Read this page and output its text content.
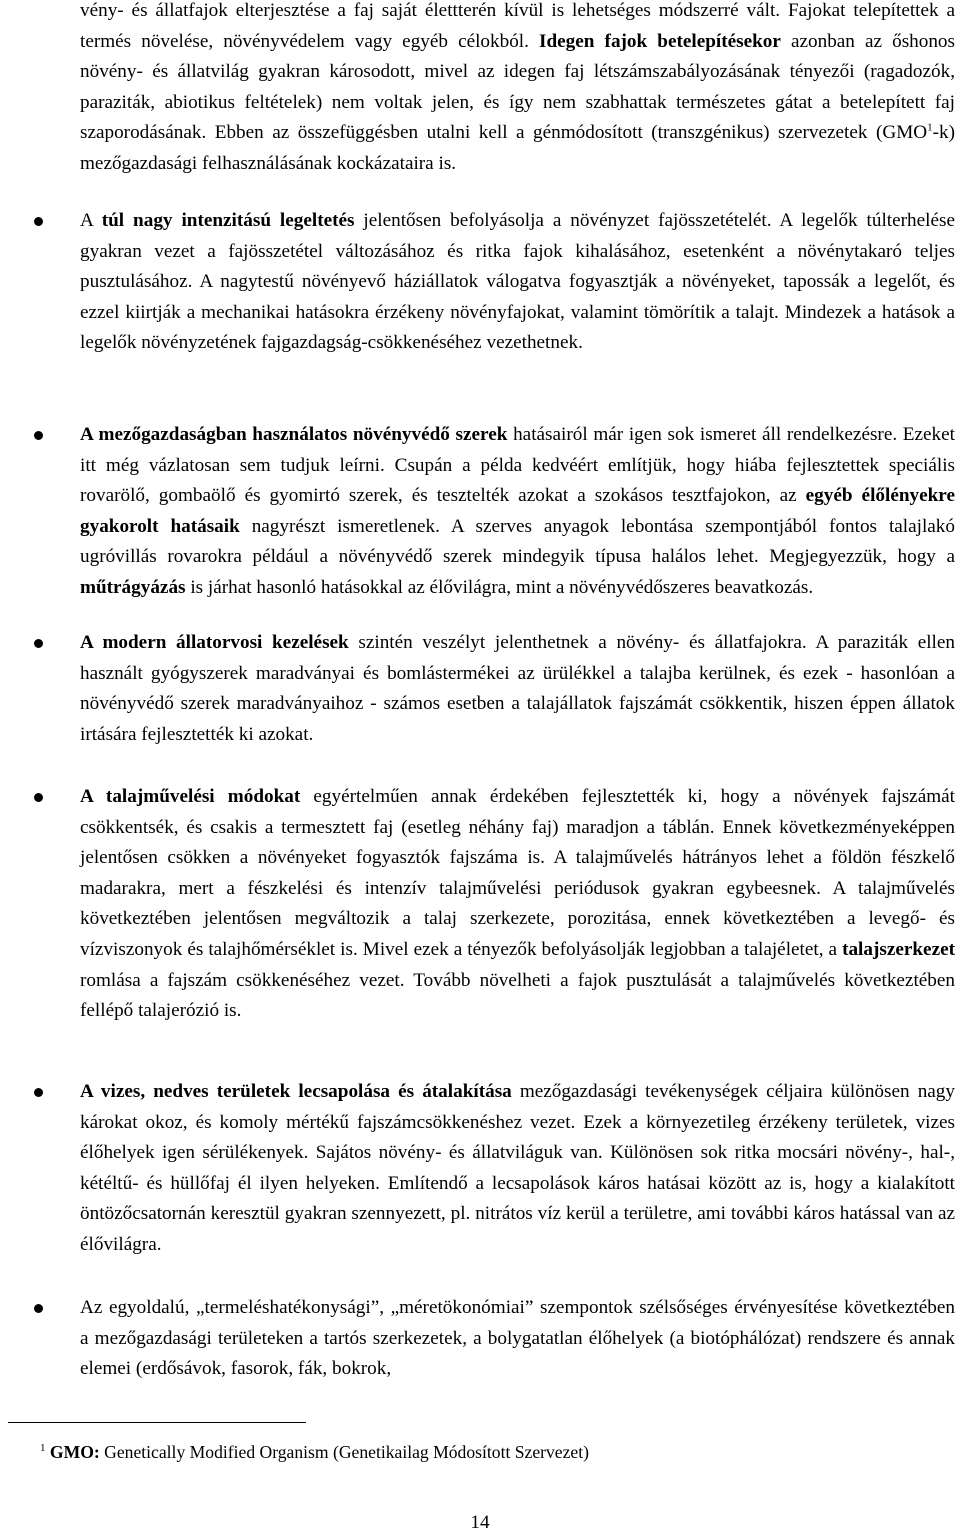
vény- és állatfajok elterjesztése a faj saját élettterén kívül is lehetséges módszerré vált. Fajokat telepítettek a termés növelése, növényvédelem vagy egyéb célokból. Idegen fajok betelepítésekor azonban az őshonos növény- és állatvilág gyakran károsodott, mivel az idegen faj létszámszabályozásának tényezői (ragadozók, paraziták, abiotikus feltételek) nem voltak jelen, és így nem szabhattak természetes gátat a betelepített faj szaporodásának. Ebben az összefüggésben utalni kell a génmódosított (transzgénikus) szervezetek (GMO$^1$-k) mezőgazdasági felhasználásának kockázataira is.
A túl nagy intenzitású legeltetés jelentősen befolyásolja a növényzet fajösszetételét. A legelők túlterhelése gyakran vezet a fajösszetétel változásához és ritka fajok kihalásához, esetenként a növénytakaró teljes pusztulásához. A nagytestű növényevő háziállatok válogatva fogyasztják a növényeket, tapossák a legelőt, és ezzel kiirtják a mechanikai hatásokra érzékeny növényfajokat, valamint tömörítik a talajt. Mindezek a hatások a legelők növényzetének fajgazdagság-csökkenéséhez vezethetnek.
A mezőgazdaságban használatos növényvédő szerek hatásairól már igen sok ismeret áll rendelkezésre. Ezeket itt még vázlatosan sem tudjuk leírni. Csupán a példa kedvéért említjük, hogy hiába fejlesztettek speciális rovarölő, gombaölő és gyomirtó szerek, és tesztelték azokat a szokásos tesztfajokon, az egyéb élőlényekre gyakorolt hatásaik nagyrészt ismeretlenek. A szerves anyagok lebontása szempontjából fontos talajlakó ugróvillás rovarokra például a növényvédő szerek mindegyik típusa halálos lehet. Megjegyezzük, hogy a műtrágyázás is járhat hasonló hatásokkal az élővilágra, mint a növényvédőszeres beavatkozás.
A modern állatorvosi kezelések szintén veszélyt jelenthetnek a növény- és állatfajokra. A paraziták ellen használt gyógyszerek maradványai és bomlástermékei az ürülékkel a talajba kerülnek, és ezek - hasonlóan a növényvédő szerek maradványaihoz - számos esetben a talajállatok fajszámát csökkentik, hiszen éppen állatok irtására fejlesztették ki azokat.
A talajművelési módokat egyértelműen annak érdekében fejlesztették ki, hogy a növények fajszámát csökkentsék, és csakis a termesztett faj (esetleg néhány faj) maradjon a táblán. Ennek következményeképpen jelentősen csökken a növényeket fogyasztók fajszáma is. A talajművelés hátrányos lehet a földön fészkelő madarakra, mert a fészkelési és intenzív talajművelési periódusok gyakran egybeesnek. A talajművelés következtében jelentősen megváltozik a talaj szerkezete, porozitása, ennek következtében a levegő- és vízviszonyok és talajhőmérséklet is. Mivel ezek a tényezők befolyásolják legjobban a talajéletet, a talajszerkezet romlása a fajszám csökkenéséhez vezet. Tovább növelheti a fajok pusztulását a talajművelés következtében fellépő talajerózió is.
A vizes, nedves területek lecsapolása és átalakítása mezőgazdasági tevékenységek céljaira különösen nagy károkat okoz, és komoly mértékű fajszámcsökkenéshez vezet. Ezek a környezetileg érzékeny területek, vizes élőhelyek igen sérülékenyek. Sajátos növény- és állatviláguk van. Különösen sok ritka mocsári növény-, hal-, kétéltű- és hüllőfaj él ilyen helyeken. Említendő a lecsapolások káros hatásai között az is, hogy a kialakított öntözőcsatornán keresztül gyakran szennyezett, pl. nitrátos víz kerül a területre, ami további káros hatással van az élővilágra.
Az egyoldalú, „termeléshatékonysági”, „méretökonómiai” szempontok szélsőséges érvényesítése következtében a mezőgazdasági területeken a tartós szerkezetek, a bolygatatlan élőhelyek (a biotóphálózat) rendszere és annak elemei (erdősávok, fasorok, fák, bokrok,
$^1$ GMO: Genetically Modified Organism (Genetikailag Módosított Szervezet)
14
